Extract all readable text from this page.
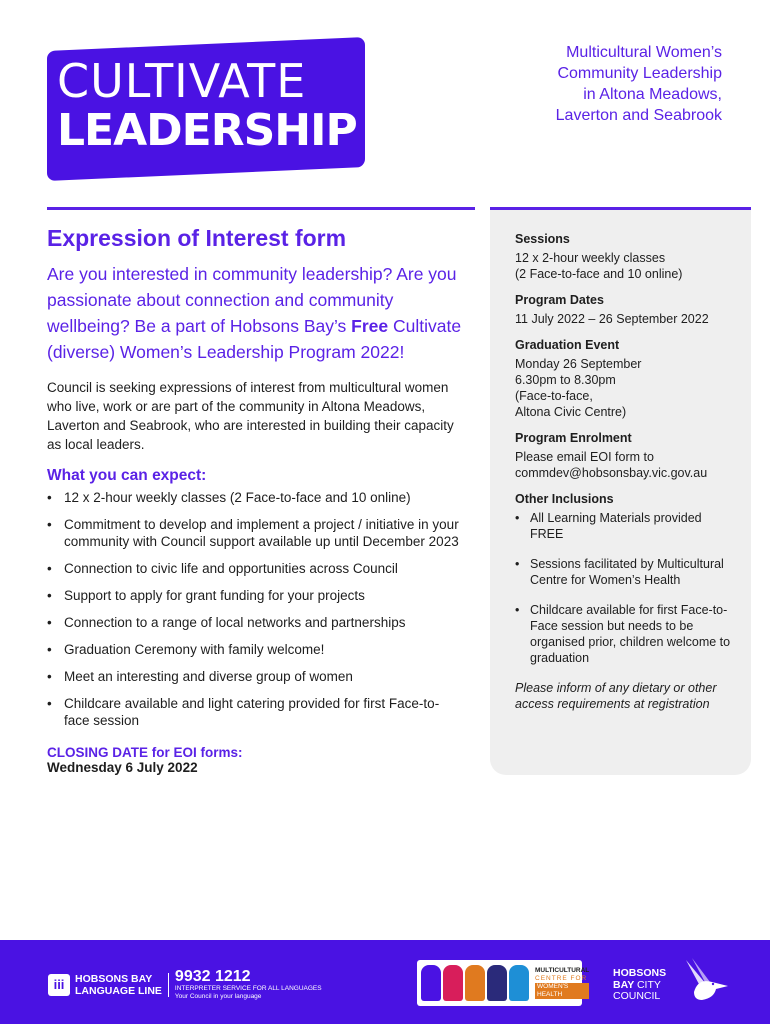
CULTIVATE
LEADERSHIP
Multicultural Women’s
Community Leadership
in Altona Meadows,
Laverton and Seabrook
Expression of Interest form

Are you interested in community leadership? Are you passionate about connection and community wellbeing? Be a part of Hobsons Bay’s Free Cultivate (diverse) Women’s Leadership Program 2022!

Council is seeking expressions of interest from multicultural women who live, work or are part of the community in Altona Meadows, Laverton and Seabrook, who are interested in building their capacity as local leaders.

What you can expect:
• 12 x 2-hour weekly classes (2 Face-to-face and 10 online)
• Commitment to develop and implement a project / initiative in your community with Council support available up until December 2023
• Connection to civic life and opportunities across Council
• Support to apply for grant funding for your projects
• Connection to a range of local networks and partnerships
• Graduation Ceremony with family welcome!
• Meet an interesting and diverse group of women
• Childcare available and light catering provided for first Face-to-face session
CLOSING DATE for EOI forms:
Wednesday 6 July 2022
Sessions
12 x 2-hour weekly classes
(2 Face-to-face and 10 online)
Program Dates
11 July 2022 – 26 September 2022
Graduation Event
Monday 26 September
6.30pm to 8.30pm
(Face-to-face,
Altona Civic Centre)
Program Enrolment
Please email EOI form to
commdev@hobsonsbay.vic.gov.au
Other Inclusions
• All Learning Materials provided FREE
• Sessions facilitated by Multicultural Centre for Women’s Health
• Childcare available for first Face-to-Face session but needs to be organised prior, children welcome to graduation
Please inform of any dietary or other access requirements at registration
iii	HOBSONS BAY
LANGUAGE LINE
9932 1212
INTERPRETER SERVICE FOR ALL LANGUAGES
Your Council in your language
MULTICULTURAL
CENTRE FOR
WOMEN'S HEALTH
HOBSONS
BAY CITY
COUNCIL
